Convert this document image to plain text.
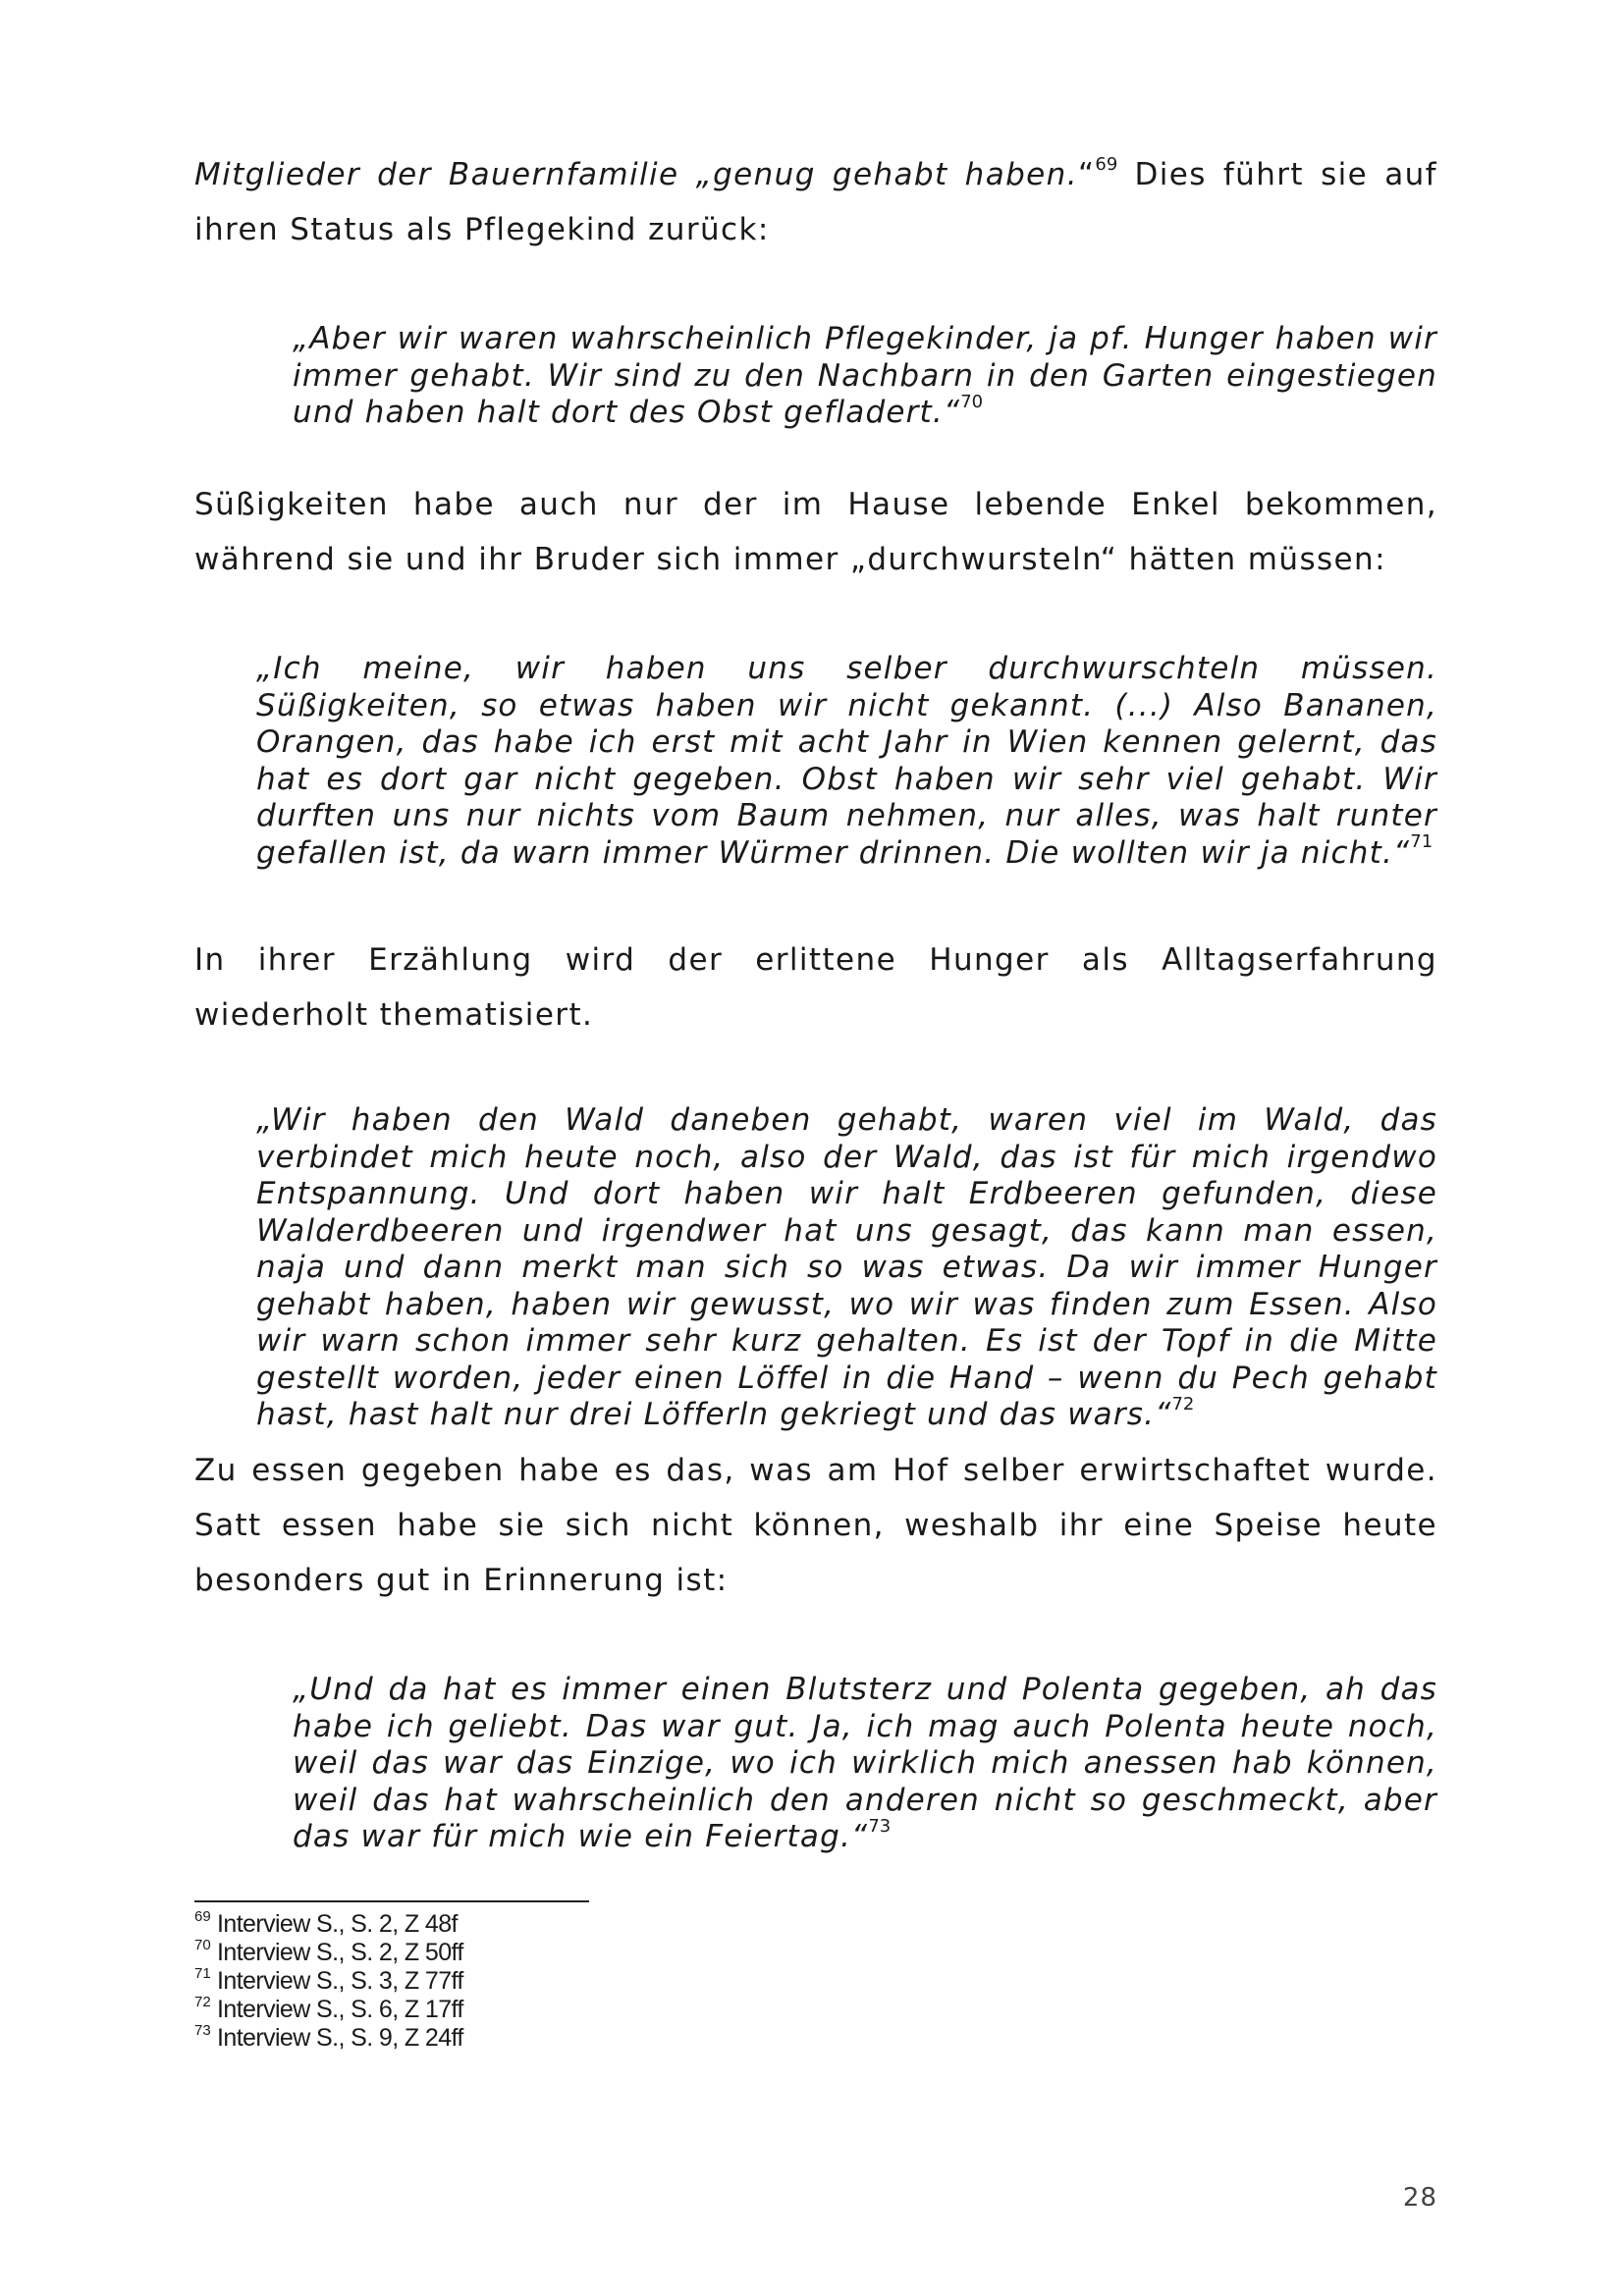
Mitglieder der Bauernfamilie „genug gehabt haben.“$^{69}$ Dies führt sie auf ihren Status als Pflegekind zurück:

„Aber wir waren wahrscheinlich Pflegekinder, ja pf. Hunger haben wir immer gehabt. Wir sind zu den Nachbarn in den Garten eingestiegen und haben halt dort des Obst gefladert.“$^{70}$

Süßigkeiten habe auch nur der im Hause lebende Enkel bekommen, während sie und ihr Bruder sich immer „durchwursteln“ hätten müssen:

„Ich meine, wir haben uns selber durchwurschteln müssen. Süßigkeiten, so etwas haben wir nicht gekannt. (...) Also Bananen, Orangen, das habe ich erst mit acht Jahr in Wien kennen gelernt, das hat es dort gar nicht gegeben. Obst haben wir sehr viel gehabt. Wir durften uns nur nichts vom Baum nehmen, nur alles, was halt runter gefallen ist, da warn immer Würmer drinnen. Die wollten wir ja nicht.“$^{71}$

In ihrer Erzählung wird der erlittene Hunger als Alltagserfahrung wiederholt thematisiert.

„Wir haben den Wald daneben gehabt, waren viel im Wald, das verbindet mich heute noch, also der Wald, das ist für mich irgendwo Entspannung. Und dort haben wir halt Erdbeeren gefunden, diese Walderdbeeren und irgendwer hat uns gesagt, das kann man essen, naja und dann merkt man sich so was etwas. Da wir immer Hunger gehabt haben, haben wir gewusst, wo wir was finden zum Essen. Also wir warn schon immer sehr kurz gehalten. Es ist der Topf in die Mitte gestellt worden, jeder einen Löffel in die Hand – wenn du Pech gehabt hast, hast halt nur drei Löfferln gekriegt und das wars.“$^{72}$

Zu essen gegeben habe es das, was am Hof selber erwirtschaftet wurde. Satt essen habe sie sich nicht können, weshalb ihr eine Speise heute besonders gut in Erinnerung ist:

„Und da hat es immer einen Blutsterz und Polenta gegeben, ah das habe ich geliebt. Das war gut. Ja, ich mag auch Polenta heute noch, weil das war das Einzige, wo ich wirklich mich anessen hab können, weil das hat wahrscheinlich den anderen nicht so geschmeckt, aber das war für mich wie ein Feiertag.“$^{73}$

$^{69}$ Interview S., S. 2, Z 48f
$^{70}$ Interview S., S. 2, Z 50ff
$^{71}$ Interview S., S. 3, Z 77ff
$^{72}$ Interview S., S. 6, Z 17ff
$^{73}$ Interview S., S. 9, Z 24ff
28
